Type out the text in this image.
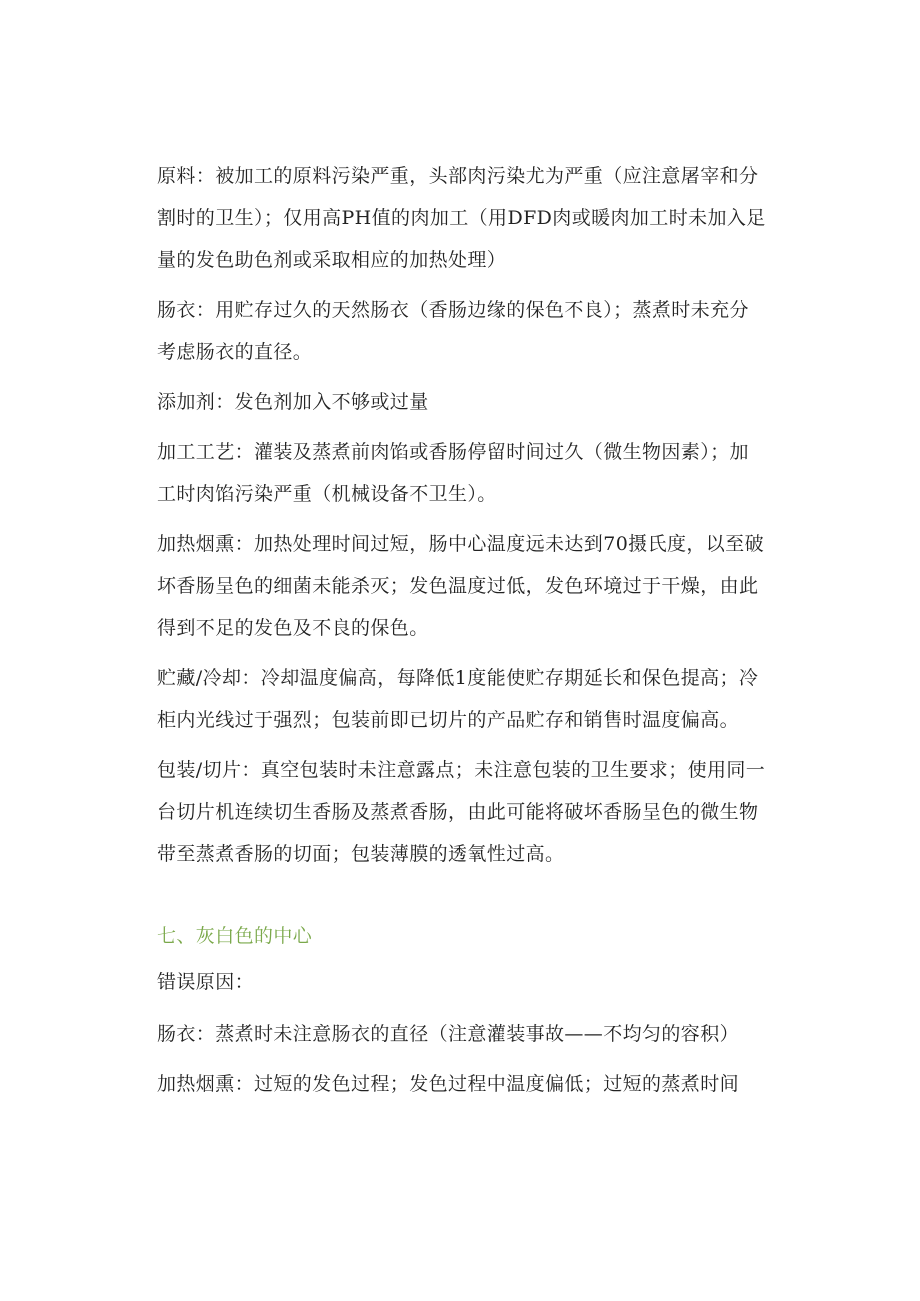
原料：被加工的原料污染严重，头部肉污染尤为严重（应注意屠宰和分割时的卫生）；仅用高PH值的肉加工（用DFD肉或暖肉加工时未加入足量的发色助色剂或采取相应的加热处理）

肠衣：用贮存过久的天然肠衣（香肠边缘的保色不良）；蒸煮时未充分考虑肠衣的直径。

添加剂：发色剂加入不够或过量

加工工艺：灌装及蒸煮前肉馅或香肠停留时间过久（微生物因素）；加工时肉馅污染严重（机械设备不卫生）。

加热烟熏：加热处理时间过短，肠中心温度远未达到70摄氏度，以至破坏香肠呈色的细菌未能杀灭；发色温度过低，发色环境过于干燥，由此得到不足的发色及不良的保色。

贮藏/冷却：冷却温度偏高，每降低1度能使贮存期延长和保色提高；冷柜内光线过于强烈；包装前即已切片的产品贮存和销售时温度偏高。

包装/切片：真空包装时未注意露点；未注意包装的卫生要求；使用同一台切片机连续切生香肠及蒸煮香肠，由此可能将破坏香肠呈色的微生物带至蒸煮香肠的切面；包装薄膜的透氧性过高。

七、灰白色的中心

错误原因：

肠衣：蒸煮时未注意肠衣的直径（注意灌装事故——不均匀的容积）

加热烟熏：过短的发色过程；发色过程中温度偏低；过短的蒸煮时间
